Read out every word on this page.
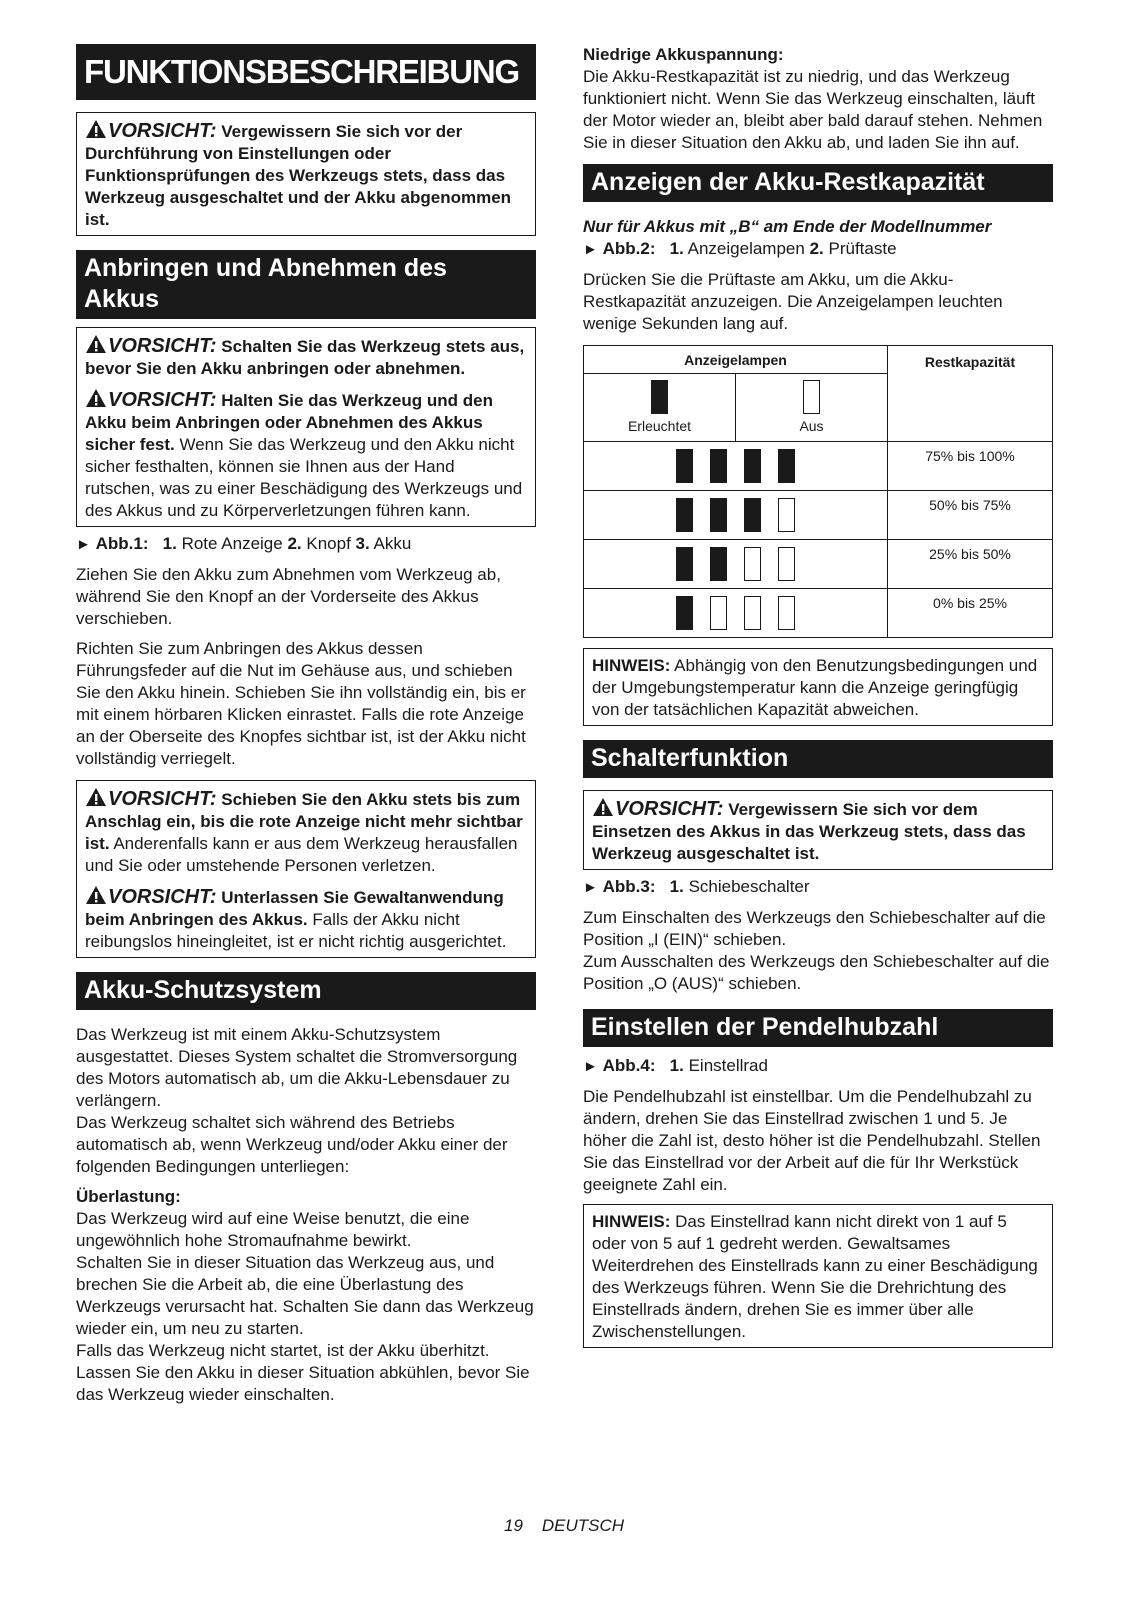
FUNKTIONSBESCHREIBUNG

VORSICHT: Vergewissern Sie sich vor der Durchführung von Einstellungen oder Funktionsprüfungen des Werkzeugs stets, dass das Werkzeug ausgeschaltet und der Akku abgenommen ist.

Anbringen und Abnehmen des Akkus

VORSICHT: Schalten Sie das Werkzeug stets aus, bevor Sie den Akku anbringen oder abnehmen.

VORSICHT: Halten Sie das Werkzeug und den Akku beim Anbringen oder Abnehmen des Akkus sicher fest. Wenn Sie das Werkzeug und den Akku nicht sicher festhalten, können sie Ihnen aus der Hand rutschen, was zu einer Beschädigung des Werkzeugs und des Akkus und zu Körperverletzungen führen kann.

► Abb.1: 1. Rote Anzeige 2. Knopf 3. Akku

Ziehen Sie den Akku zum Abnehmen vom Werkzeug ab, während Sie den Knopf an der Vorderseite des Akkus verschieben.

Richten Sie zum Anbringen des Akkus dessen Führungsfeder auf die Nut im Gehäuse aus, und schieben Sie den Akku hinein. Schieben Sie ihn vollständig ein, bis er mit einem hörbaren Klicken einrastet. Falls die rote Anzeige an der Oberseite des Knopfes sichtbar ist, ist der Akku nicht vollständig verriegelt.

VORSICHT: Schieben Sie den Akku stets bis zum Anschlag ein, bis die rote Anzeige nicht mehr sichtbar ist. Anderenfalls kann er aus dem Werkzeug herausfallen und Sie oder umstehende Personen verletzen.

VORSICHT: Unterlassen Sie Gewaltanwendung beim Anbringen des Akkus. Falls der Akku nicht reibungslos hineingleitet, ist er nicht richtig ausgerichtet.

Akku-Schutzsystem

Das Werkzeug ist mit einem Akku-Schutzsystem ausgestattet. Dieses System schaltet die Stromversorgung des Motors automatisch ab, um die Akku-Lebensdauer zu verlängern.

Das Werkzeug schaltet sich während des Betriebs automatisch ab, wenn Werkzeug und/oder Akku einer der folgenden Bedingungen unterliegen:

Überlastung:

Das Werkzeug wird auf eine Weise benutzt, die eine ungewöhnlich hohe Stromaufnahme bewirkt.

Schalten Sie in dieser Situation das Werkzeug aus, und brechen Sie die Arbeit ab, die eine Überlastung des Werkzeugs verursacht hat. Schalten Sie dann das Werkzeug wieder ein, um neu zu starten.

Falls das Werkzeug nicht startet, ist der Akku überhitzt. Lassen Sie den Akku in dieser Situation abkühlen, bevor Sie das Werkzeug wieder einschalten.

Niedrige Akkuspannung:

Die Akku-Restkapazität ist zu niedrig, und das Werkzeug funktioniert nicht. Wenn Sie das Werkzeug einschalten, läuft der Motor wieder an, bleibt aber bald darauf stehen. Nehmen Sie in dieser Situation den Akku ab, und laden Sie ihn auf.

Anzeigen der Akku-Restkapazität

Nur für Akkus mit „B“ am Ende der Modellnummer

► Abb.2: 1. Anzeigelampen 2. Prüftaste

Drücken Sie die Prüftaste am Akku, um die Akku-Restkapazität anzuzeigen. Die Anzeigelampen leuchten wenige Sekunden lang auf.

Anzeigelampen		Restkapazität

Erleuchtet	Aus	

		75% bis 100%

		50% bis 75%

		25% bis 50%

		0% bis 25%

HINWEIS: Abhängig von den Benutzungsbedingungen und der Umgebungstemperatur kann die Anzeige geringfügig von der tatsächlichen Kapazität abweichen.

Schalterfunktion

VORSICHT: Vergewissern Sie sich vor dem Einsetzen des Akkus in das Werkzeug stets, dass das Werkzeug ausgeschaltet ist.

► Abb.3: 1. Schiebeschalter

Zum Einschalten des Werkzeugs den Schiebeschalter auf die Position „I (EIN)“ schieben.

Zum Ausschalten des Werkzeugs den Schiebeschalter auf die Position „O (AUS)“ schieben.

Einstellen der Pendelhubzahl

► Abb.4: 1. Einstellrad

Die Pendelhubzahl ist einstellbar. Um die Pendelhubzahl zu ändern, drehen Sie das Einstellrad zwischen 1 und 5. Je höher die Zahl ist, desto höher ist die Pendelhubzahl. Stellen Sie das Einstellrad vor der Arbeit auf die für Ihr Werkstück geeignete Zahl ein.

HINWEIS: Das Einstellrad kann nicht direkt von 1 auf 5 oder von 5 auf 1 gedreht werden. Gewaltsames Weiterdrehen des Einstellrads kann zu einer Beschädigung des Werkzeugs führen. Wenn Sie die Drehrichtung des Einstellrads ändern, drehen Sie es immer über alle Zwischenstellungen.

19 DEUTSCH
